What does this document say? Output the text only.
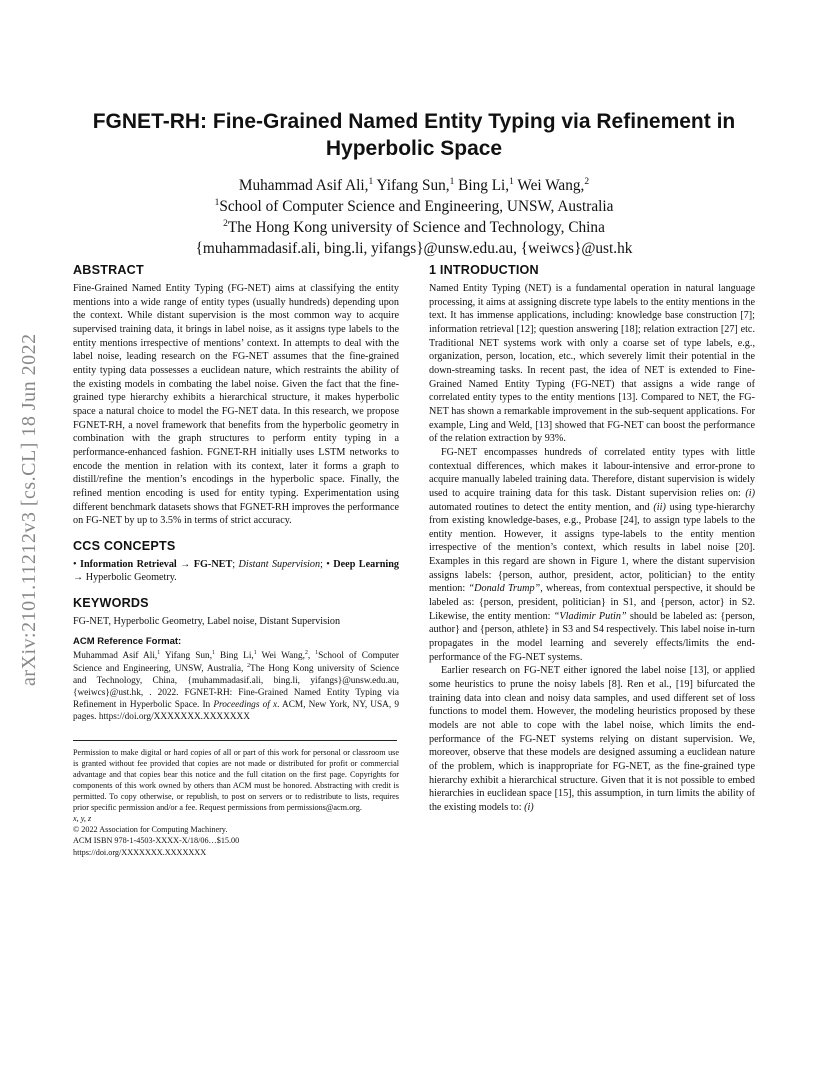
arXiv:2101.11212v3 [cs.CL] 18 Jun 2022
FGNET-RH: Fine-Grained Named Entity Typing via Refinement in Hyperbolic Space
Muhammad Asif Ali,$^1$ Yifang Sun,$^1$ Bing Li,$^1$ Wei Wang,$^2$
$^1$School of Computer Science and Engineering, UNSW, Australia
$^2$The Hong Kong university of Science and Technology, China
{muhammadasif.ali, bing.li, yifangs}@unsw.edu.au, {weiwcs}@ust.hk
ABSTRACT

Fine-Grained Named Entity Typing (FG-NET) aims at classifying the entity mentions into a wide range of entity types (usually hundreds) depending upon the context. While distant supervision is the most common way to acquire supervised training data, it brings in label noise, as it assigns type labels to the entity mentions irrespective of mentions’ context. In attempts to deal with the label noise, leading research on the FG-NET assumes that the fine-grained entity typing data possesses a euclidean nature, which restraints the ability of the existing models in combating the label noise. Given the fact that the fine-grained type hierarchy exhibits a hierarchical structure, it makes hyperbolic space a natural choice to model the FG-NET data. In this research, we propose FGNET-RH, a novel framework that benefits from the hyperbolic geometry in combination with the graph structures to perform entity typing in a performance-enhanced fashion. FGNET-RH initially uses LSTM networks to encode the mention in relation with its context, later it forms a graph to distill/refine the mention’s encodings in the hyperbolic space. Finally, the refined mention encoding is used for entity typing. Experimentation using different benchmark datasets shows that FGNET-RH improves the performance on FG-NET by up to 3.5% in terms of strict accuracy.

CCS CONCEPTS

• Information Retrieval → FG-NET; Distant Supervision; • Deep Learning → Hyperbolic Geometry.

KEYWORDS

FG-NET, Hyperbolic Geometry, Label noise, Distant Supervision

ACM Reference Format:

Muhammad Asif Ali,$^1$ Yifang Sun,$^1$ Bing Li,$^1$ Wei Wang,$^2$, $^1$School of Computer Science and Engineering, UNSW, Australia, $^2$The Hong Kong university of Science and Technology, China, {muhammadasif.ali, bing.li, yifangs}@unsw.edu.au, {weiwcs}@ust.hk, . 2022. FGNET-RH: Fine-Grained Named Entity Typing via Refinement in Hyperbolic Space. In Proceedings of x. ACM, New York, NY, USA, 9 pages. https://doi.org/XXXXXXX.XXXXXXX

Permission to make digital or hard copies of all or part of this work for personal or classroom use is granted without fee provided that copies are not made or distributed for profit or commercial advantage and that copies bear this notice and the full citation on the first page. Copyrights for components of this work owned by others than ACM must be honored. Abstracting with credit is permitted. To copy otherwise, or republish, to post on servers or to redistribute to lists, requires prior specific permission and/or a fee. Request permissions from permissions@acm.org.
x, y, z
© 2022 Association for Computing Machinery.
ACM ISBN 978-1-4503-XXXX-X/18/06…$15.00
https://doi.org/XXXXXXX.XXXXXXX
1 INTRODUCTION

Named Entity Typing (NET) is a fundamental operation in natural language processing, it aims at assigning discrete type labels to the entity mentions in the text. It has immense applications, including: knowledge base construction [7]; information retrieval [12]; question answering [18]; relation extraction [27] etc. Traditional NET systems work with only a coarse set of type labels, e.g., organization, person, location, etc., which severely limit their potential in the down-streaming tasks. In recent past, the idea of NET is extended to Fine-Grained Named Entity Typing (FG-NET) that assigns a wide range of correlated entity types to the entity mentions [13]. Compared to NET, the FG-NET has shown a remarkable improvement in the sub-sequent applications. For example, Ling and Weld, [13] showed that FG-NET can boost the performance of the relation extraction by 93%.

FG-NET encompasses hundreds of correlated entity types with little contextual differences, which makes it labour-intensive and error-prone to acquire manually labeled training data. Therefore, distant supervision is widely used to acquire training data for this task. Distant supervision relies on: (i) automated routines to detect the entity mention, and (ii) using type-hierarchy from existing knowledge-bases, e.g., Probase [24], to assign type labels to the entity mention. However, it assigns type-labels to the entity mention irrespective of the mention’s context, which results in label noise [20]. Examples in this regard are shown in Figure 1, where the distant supervision assigns labels: {person, author, president, actor, politician} to the entity mention: “Donald Trump”, whereas, from contextual perspective, it should be labeled as: {person, president, politician} in S1, and {person, actor} in S2. Likewise, the entity mention: “Vladimir Putin” should be labeled as: {person, author} and {person, athlete} in S3 and S4 respectively. This label noise in-turn propagates in the model learning and severely effects/limits the end-performance of the FG-NET systems.

Earlier research on FG-NET either ignored the label noise [13], or applied some heuristics to prune the noisy labels [8]. Ren et al., [19] bifurcated the training data into clean and noisy data samples, and used different set of loss functions to model them. However, the modeling heuristics proposed by these models are not able to cope with the label noise, which limits the end-performance of the FG-NET systems relying on distant supervision. We, moreover, observe that these models are designed assuming a euclidean nature of the problem, which is inappropriate for FG-NET, as the fine-grained type hierarchy exhibit a hierarchical structure. Given that it is not possible to embed hierarchies in euclidean space [15], this assumption, in turn limits the ability of the existing models to: (i)
